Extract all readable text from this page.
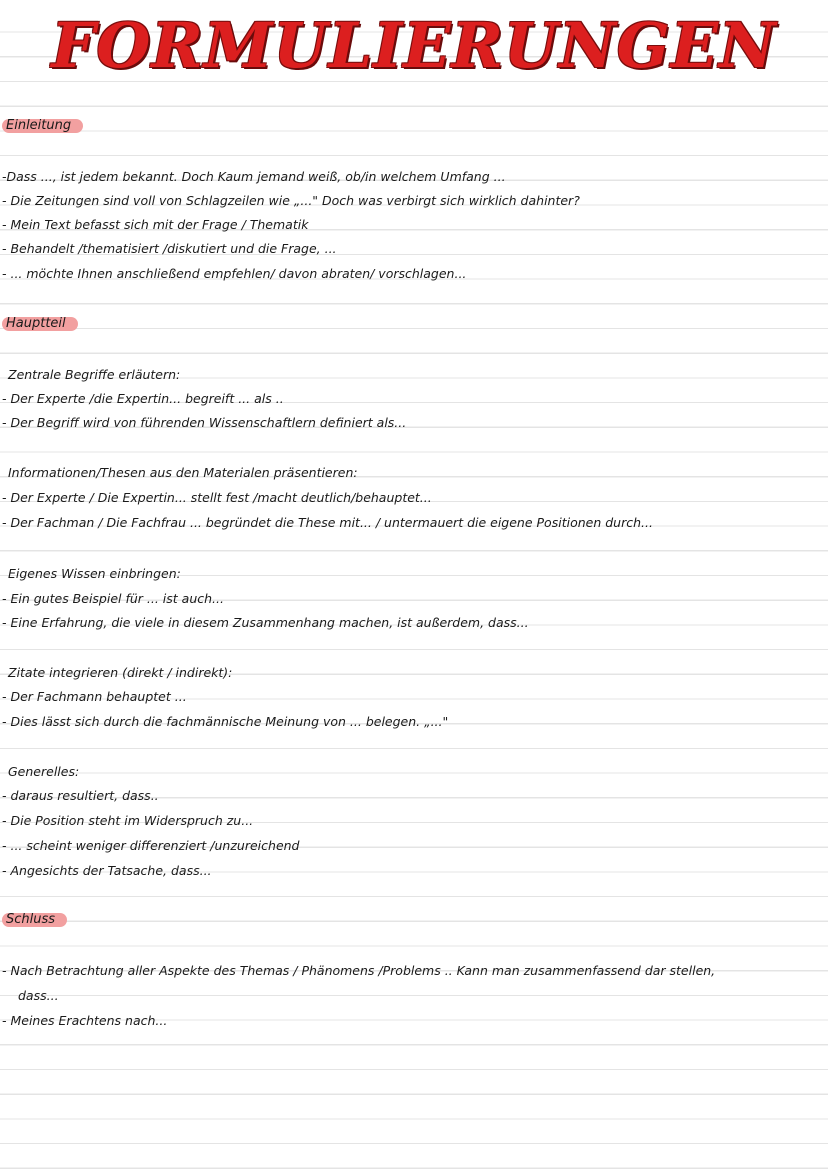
FORMULIERUNGEN
Einleitung
-Dass ..., ist jedem bekannt. Doch Kaum jemand weiß, ob/in welchem Umfang ...
- Die Zeitungen sind voll von Schlagzeilen wie „..." Doch was verbirgt sich wirklich dahinter?
- Mein Text befasst sich mit der Frage / Thematik
- Behandelt /thematisiert /diskutiert und die Frage, ...
- ... möchte Ihnen anschließend empfehlen/ davon abraten/ vorschlagen...
Hauptteil
Zentrale Begriffe erläutern:
- Der Experte /die Expertin... begreift ... als ..
- Der Begriff wird von führenden Wissenschaftlern definiert als...
Informationen/Thesen aus den Materialen präsentieren:
- Der Experte / Die Expertin... stellt fest /macht deutlich/behauptet...
- Der Fachman / Die Fachfrau ... begründet die These mit... / untermauert die eigene Positionen durch...
Eigenes Wissen einbringen:
- Ein gutes Beispiel für ... ist auch...
- Eine Erfahrung, die viele in diesem Zusammenhang machen, ist außerdem, dass...
Zitate integrieren (direkt / indirekt):
- Der Fachmann behauptet ...
- Dies lässt sich durch die fachmännische Meinung von ... belegen. „..."
Generelles:
- daraus resultiert, dass..
- Die Position steht im Widerspruch zu...
- ... scheint weniger differenziert /unzureichend
- Angesichts der Tatsache, dass...
Schluss
- Nach Betrachtung aller Aspekte des Themas / Phänomens /Problems .. Kann man zusammenfassend dar stellen,
dass...
- Meines Erachtens nach...
